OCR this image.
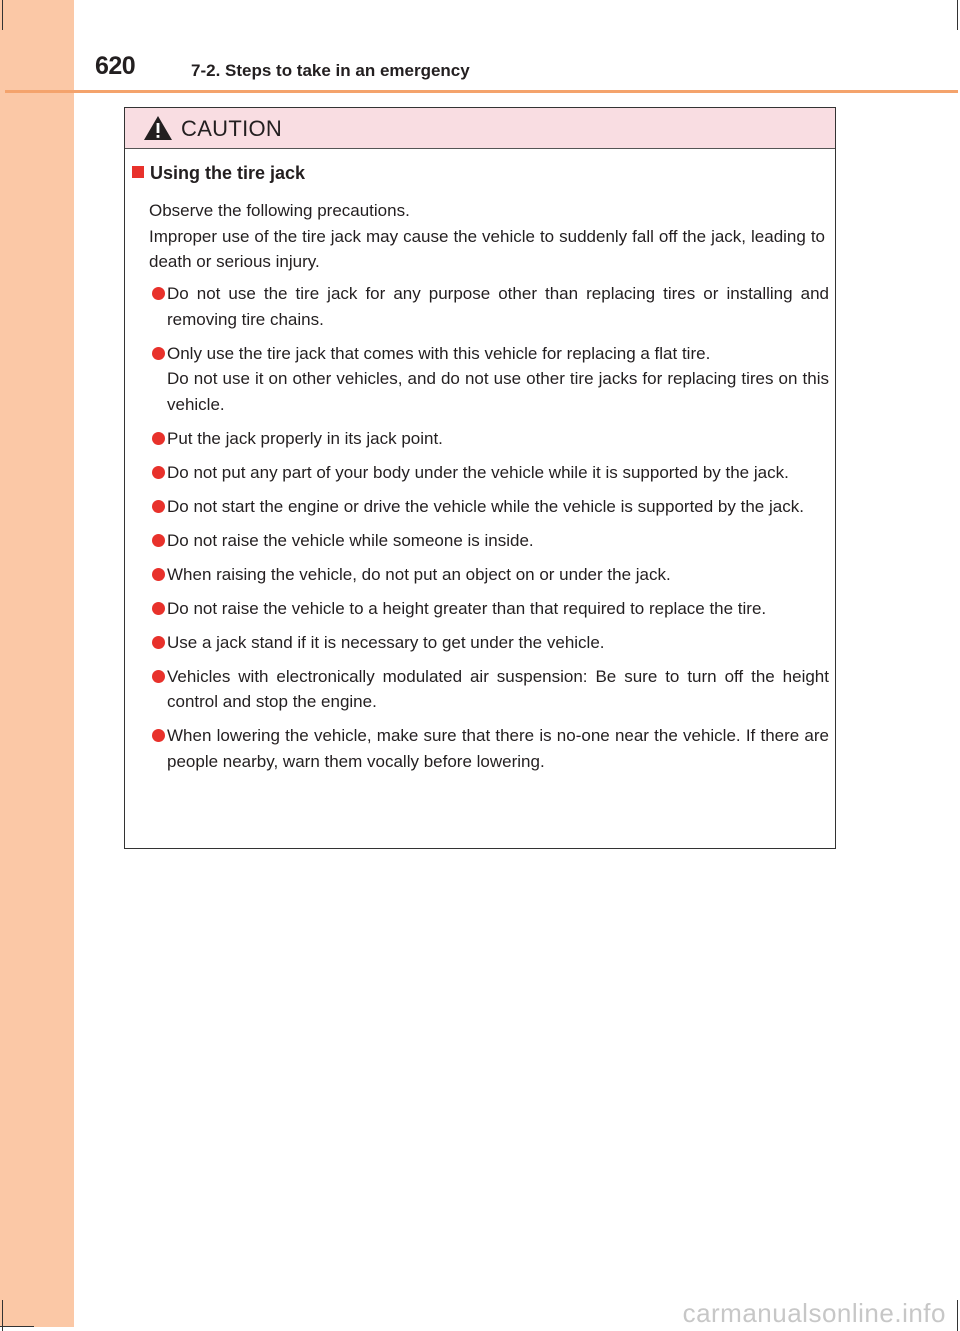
620	7-2. Steps to take in an emergency
CAUTION
Using the tire jack
Observe the following precautions.
Improper use of the tire jack may cause the vehicle to suddenly fall off the jack, leading to death or serious injury.
Do not use the tire jack for any purpose other than replacing tires or installing and removing tire chains.
Only use the tire jack that comes with this vehicle for replacing a flat tire.
Do not use it on other vehicles, and do not use other tire jacks for replacing tires on this vehicle.
Put the jack properly in its jack point.
Do not put any part of your body under the vehicle while it is supported by the jack.
Do not start the engine or drive the vehicle while the vehicle is supported by the jack.
Do not raise the vehicle while someone is inside.
When raising the vehicle, do not put an object on or under the jack.
Do not raise the vehicle to a height greater than that required to replace the tire.
Use a jack stand if it is necessary to get under the vehicle.
Vehicles with electronically modulated air suspension: Be sure to turn off the height control and stop the engine.
When lowering the vehicle, make sure that there is no-one near the vehicle. If there are people nearby, warn them vocally before lowering.
carmanualsonline.info
